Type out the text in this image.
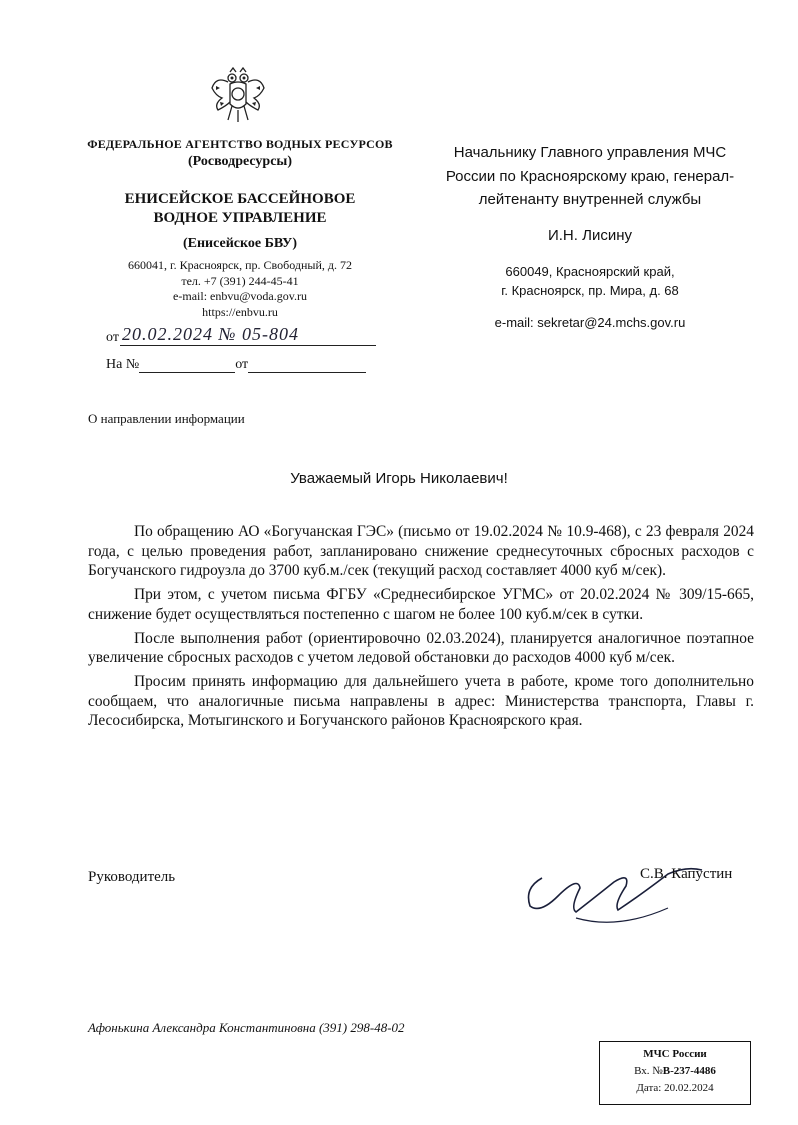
ФЕДЕРАЛЬНОЕ АГЕНТСТВО ВОДНЫХ РЕСУРСОВ
(Росводресурсы)
ЕНИСЕЙСКОЕ БАССЕЙНОВОЕ
ВОДНОЕ УПРАВЛЕНИЕ
(Енисейское БВУ)
660041, г. Красноярск, пр. Свободный, д. 72
тел. +7 (391) 244-45-41
e-mail: enbvu@voda.gov.ru
https://enbvu.ru
от 20.02.2024 № 05-804
На №	от
О направлении информации
Начальнику Главного управления МЧС
России по Красноярскому краю, генерал-
лейтенанту внутренней службы
И.Н. Лисину
660049, Красноярский край,
г. Красноярск, пр. Мира, д. 68
e-mail: sekretar@24.mchs.gov.ru
Уважаемый Игорь Николаевич!

По обращению АО «Богучанская ГЭС» (письмо от 19.02.2024 № 10.9-468), с 23 февраля 2024 года, с целью проведения работ, запланировано снижение среднесуточных сбросных расходов с Богучанского гидроузла до 3700 куб.м./сек (текущий расход составляет 4000 куб м/сек).

При этом, с учетом письма ФГБУ «Среднесибирское УГМС» от 20.02.2024 № 309/15-665, снижение будет осуществляться постепенно с шагом не более 100 куб.м/сек в сутки.

После выполнения работ (ориентировочно 02.03.2024), планируется аналогичное поэтапное увеличение сбросных расходов с учетом ледовой обстановки до расходов 4000 куб м/сек.

Просим принять информацию для дальнейшего учета в работе, кроме того дополнительно сообщаем, что аналогичные письма направлены в адрес: Министерства транспорта, Главы г. Лесосибирска, Мотыгинского и Богучанского районов Красноярского края.

Руководитель	С.В. Капустин
Афонькина Александра Константиновна (391) 298-48-02
МЧС России
Вх. №В-237-4486
Дата: 20.02.2024
